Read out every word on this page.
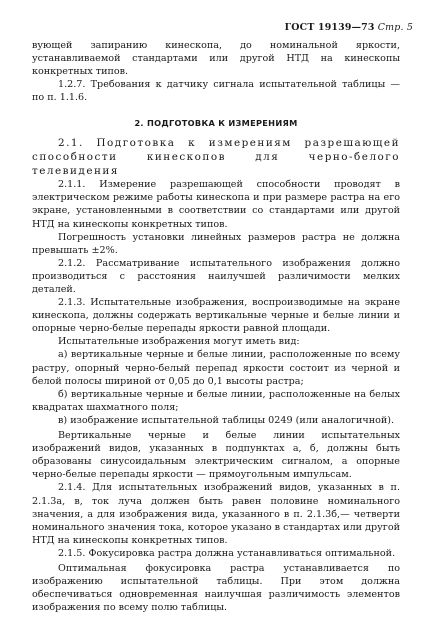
ГОСТ 19139—73 Стр. 5

вующей запиранию кинескопа, до номинальной яркости, устанавливаемой стандартами или другой НТД на кинескопы конкретных типов.

1.2.7. Требования к датчику сигнала испытательной таблицы — по п. 1.1.6.

2. ПОДГОТОВКА К ИЗМЕРЕНИЯМ

2.1. Подготовка к измерениям разрешающей способности кинескопов для черно-белого телевидения

2.1.1. Измерение разрешающей способности проводят в электрическом режиме работы кинескопа и при размере растра на его экране, установленными в соответствии со стандартами или другой НТД на кинескопы конкретных типов.

Погрешность установки линейных размеров растра не должна превышать ±2%.

2.1.2. Рассматривание испытательного изображения должно производиться с расстояния наилучшей различимости мелких деталей.

2.1.3. Испытательные изображения, воспроизводимые на экране кинескопа, должны содержать вертикальные черные и белые линии и опорные черно-белые перепады яркости равной площади.

Испытательные изображения могут иметь вид:

а) вертикальные черные и белые линии, расположенные по всему растру, опорный черно-белый перепад яркости состоит из черной и белой полосы шириной от 0,05 до 0,1 высоты растра;

б) вертикальные черные и белые линии, расположенные на белых квадратах шахматного поля;

в) изображение испытательной таблицы 0249 (или аналогичной).

Вертикальные черные и белые линии испытательных изображений видов, указанных в подпунктах а, б, должны быть образованы синусоидальным электрическим сигналом, а опорные черно-белые перепады яркости — прямоугольным импульсам.

2.1.4. Для испытательных изображений видов, указанных в п. 2.1.3а, в, ток луча должен быть равен половине номинального значения, а для изображения вида, указанного в п. 2.1.3б,— четверти номинального значения тока, которое указано в стандартах или другой НТД на кинескопы конкретных типов.

2.1.5. Фокусировка растра должна устанавливаться оптимальной.

Оптимальная фокусировка растра устанавливается по изображению испытательной таблицы. При этом должна обеспечиваться одновременная наилучшая различимость элементов изображения по всему полю таблицы.
